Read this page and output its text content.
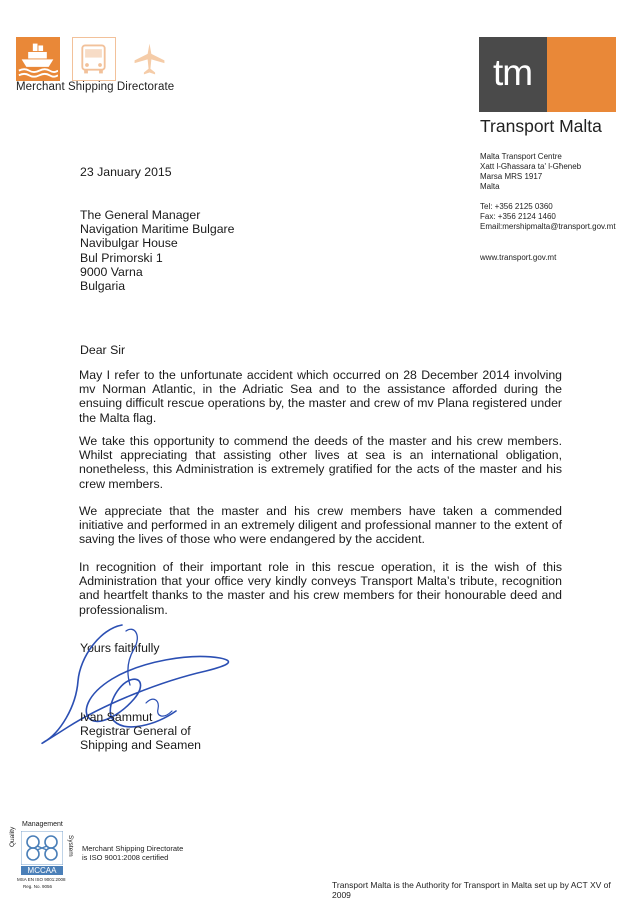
Merchant Shipping Directorate	tm
Transport Malta
Malta Transport Centre
Xatt l-Għassara ta' l-Għeneb
Marsa MRS 1917
Malta
Tel: +356 2125 0360
Fax: +356 2124 1460
Email:mershipmalta@transport.gov.mt
www.transport.gov.mt
23 January 2015
The General Manager
Navigation Maritime Bulgare
Navibulgar House
Bul Primorski 1
9000 Varna
Bulgaria
Dear Sir
May I refer to the unfortunate accident which occurred on 28 December 2014 involving mv Norman Atlantic, in the Adriatic Sea and to the assistance afforded during the ensuing difficult rescue operations by, the master and crew of mv Plana registered under the Malta flag.
We take this opportunity to commend the deeds of the master and his crew members. Whilst appreciating that assisting other lives at sea is an international obligation, nonetheless, this Administration is extremely gratified for the acts of the master and his crew members.
We appreciate that the master and his crew members have taken a commended initiative and performed in an extremely diligent and professional manner to the extent of saving the lives of those who were endangered by the accident.
In recognition of their important role in this rescue operation, it is the wish of this Administration that your office very kindly conveys Transport Malta’s tribute, recognition and heartfelt thanks to the master and his crew members for their honourable deed and professionalism.
Yours faithfully
Ivan Sammut
Registrar General of
Shipping and Seamen
Management
Quality	System
MCCAA
MSA EN ISO 9001:2008
Reg. No. 9056
Merchant Shipping Directorate
is ISO 9001:2008 certified
Transport Malta is the Authority for Transport in Malta set up by ACT XV of 2009
